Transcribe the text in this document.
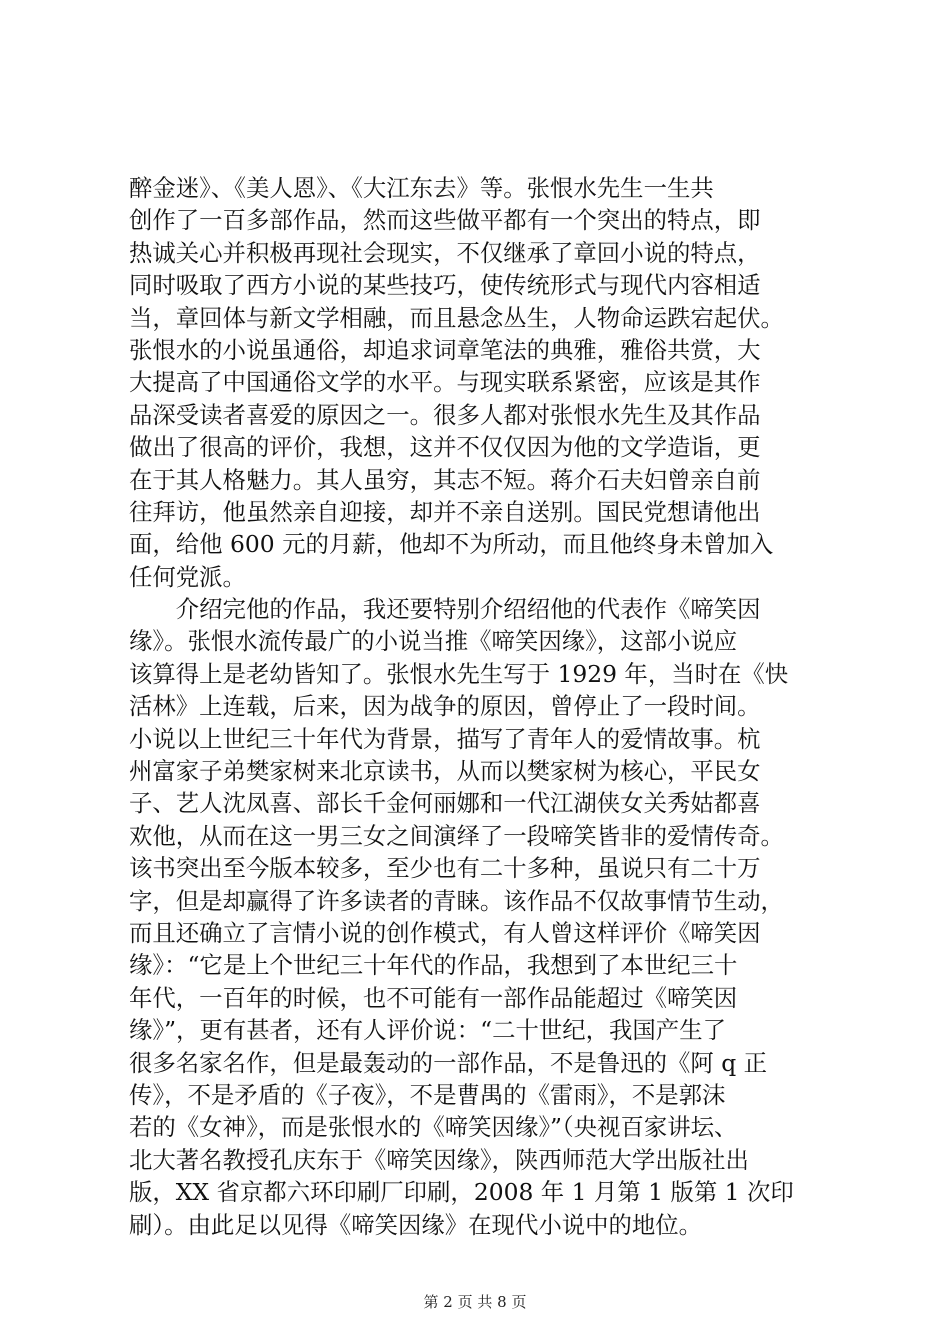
醉金迷》、《美人恩》、《大江东去》等。张恨水先生一生共
创作了一百多部作品，然而这些做平都有一个突出的特点，即
热诚关心并积极再现社会现实，不仅继承了章回小说的特点，
同时吸取了西方小说的某些技巧，使传统形式与现代内容相适
当，章回体与新文学相融，而且悬念丛生，人物命运跌宕起伏。
张恨水的小说虽通俗，却追求词章笔法的典雅，雅俗共赏，大
大提高了中国通俗文学的水平。与现实联系紧密，应该是其作
品深受读者喜爱的原因之一。很多人都对张恨水先生及其作品
做出了很高的评价，我想，这并不仅仅因为他的文学造诣，更
在于其人格魅力。其人虽穷，其志不短。蒋介石夫妇曾亲自前
往拜访，他虽然亲自迎接，却并不亲自送别。国民党想请他出
面，给他 600 元的月薪，他却不为所动，而且他终身未曾加入
任何党派。
　　介绍完他的作品，我还要特别介绍绍他的代表作《啼笑因
缘》。张恨水流传最广的小说当推《啼笑因缘》，这部小说应
该算得上是老幼皆知了。张恨水先生写于 1929 年，当时在《快
活林》上连载，后来，因为战争的原因，曾停止了一段时间。
小说以上世纪三十年代为背景，描写了青年人的爱情故事。杭
州富家子弟樊家树来北京读书，从而以樊家树为核心，平民女
子、艺人沈凤喜、部长千金何丽娜和一代江湖侠女关秀姑都喜
欢他，从而在这一男三女之间演绎了一段啼笑皆非的爱情传奇。
该书突出至今版本较多，至少也有二十多种，虽说只有二十万
字，但是却赢得了许多读者的青睐。该作品不仅故事情节生动，
而且还确立了言情小说的创作模式，有人曾这样评价《啼笑因
缘》：“它是上个世纪三十年代的作品，我想到了本世纪三十
年代，一百年的时候，也不可能有一部作品能超过《啼笑因
缘》”，更有甚者，还有人评价说：“二十世纪，我国产生了
很多名家名作，但是最轰动的一部作品，不是鲁迅的《阿 q 正
传》，不是矛盾的《子夜》，不是曹禺的《雷雨》，不是郭沫
若的《女神》，而是张恨水的《啼笑因缘》”（央视百家讲坛、
北大著名教授孔庆东于《啼笑因缘》，陕西师范大学出版社出
版，XX 省京都六环印刷厂印刷，2008 年 1 月第 1 版第 1 次印
刷）。由此足以见得《啼笑因缘》在现代小说中的地位。
第 2 页 共 8 页
